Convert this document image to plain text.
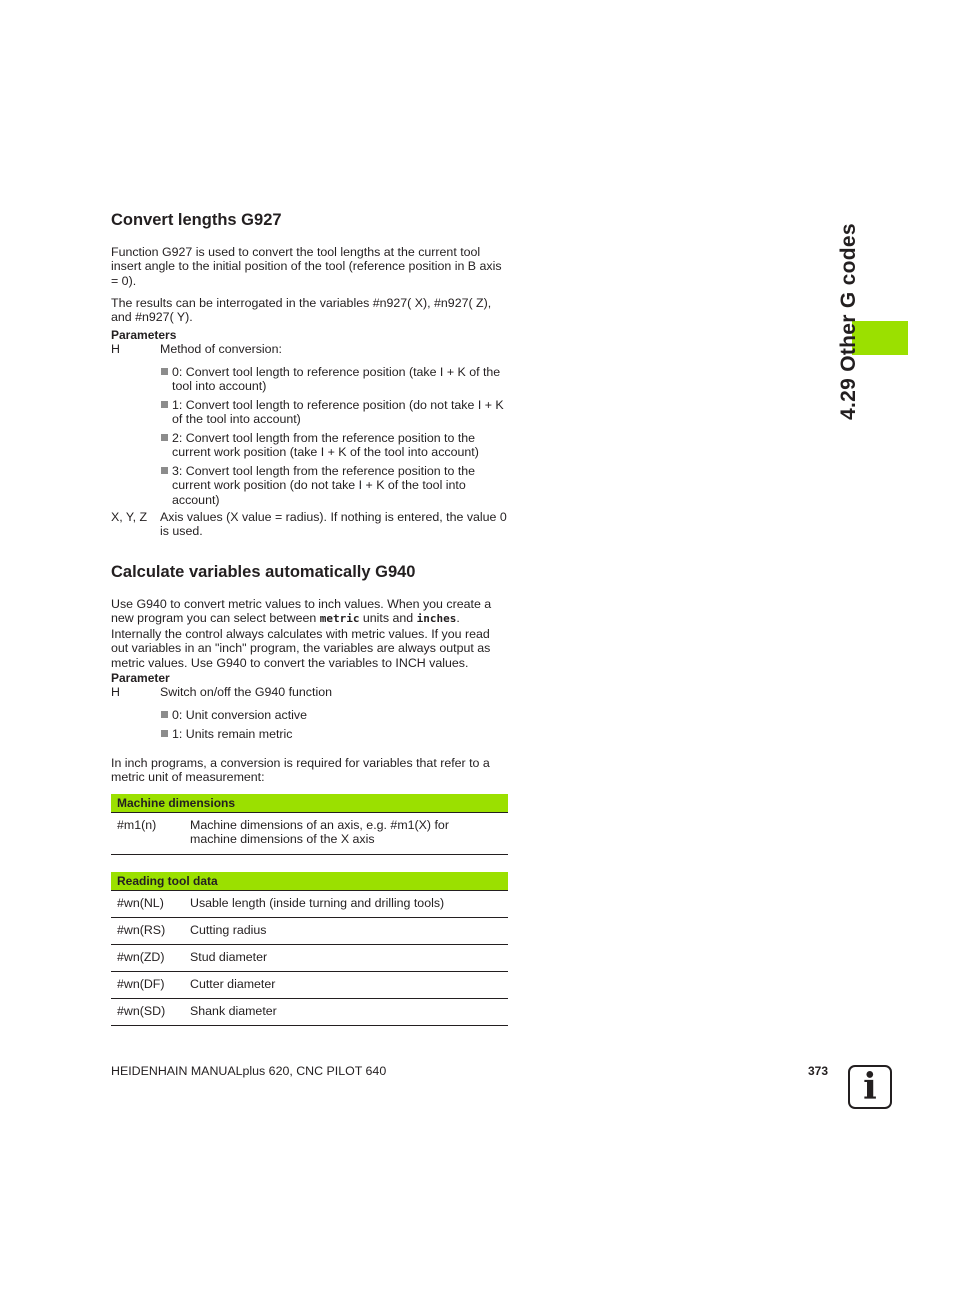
4.29 Other G codes
Convert lengths G927
Function G927 is used to convert the tool lengths at the current tool insert angle to the initial position of the tool (reference position in B axis = 0).
The results can be interrogated in the variables #n927( X), #n927( Z), and #n927( Y).
Parameters
H	Method of conversion:
0: Convert tool length to reference position (take I + K of the tool into account)
1: Convert tool length to reference position (do not take I + K of the tool into account)
2: Convert tool length from the reference position to the current work position (take I + K of the tool into account)
3: Convert tool length from the reference position to the current work position (do not take I + K of the tool into account)
X, Y, Z	Axis values (X value = radius). If nothing is entered, the value 0 is used.
Calculate variables automatically G940
Use G940 to convert metric values to inch values. When you create a new program you can select between metric units and inches. Internally the control always calculates with metric values. If you read out variables in an "inch" program, the variables are always output as metric values. Use G940 to convert the variables to INCH values.
Parameter
H	Switch on/off the G940 function
0: Unit conversion active
1: Units remain metric
In inch programs, a conversion is required for variables that refer to a metric unit of measurement:
Machine dimensions
#m1(n)	Machine dimensions of an axis, e.g. #m1(X) for machine dimensions of the X axis
Reading tool data
#wn(NL) Usable length (inside turning and drilling tools)
#wn(RS) Cutting radius
#wn(ZD) Stud diameter
#wn(DF) Cutter diameter
#wn(SD) Shank diameter
HEIDENHAIN MANUALplus 620, CNC PILOT 640	373 i
